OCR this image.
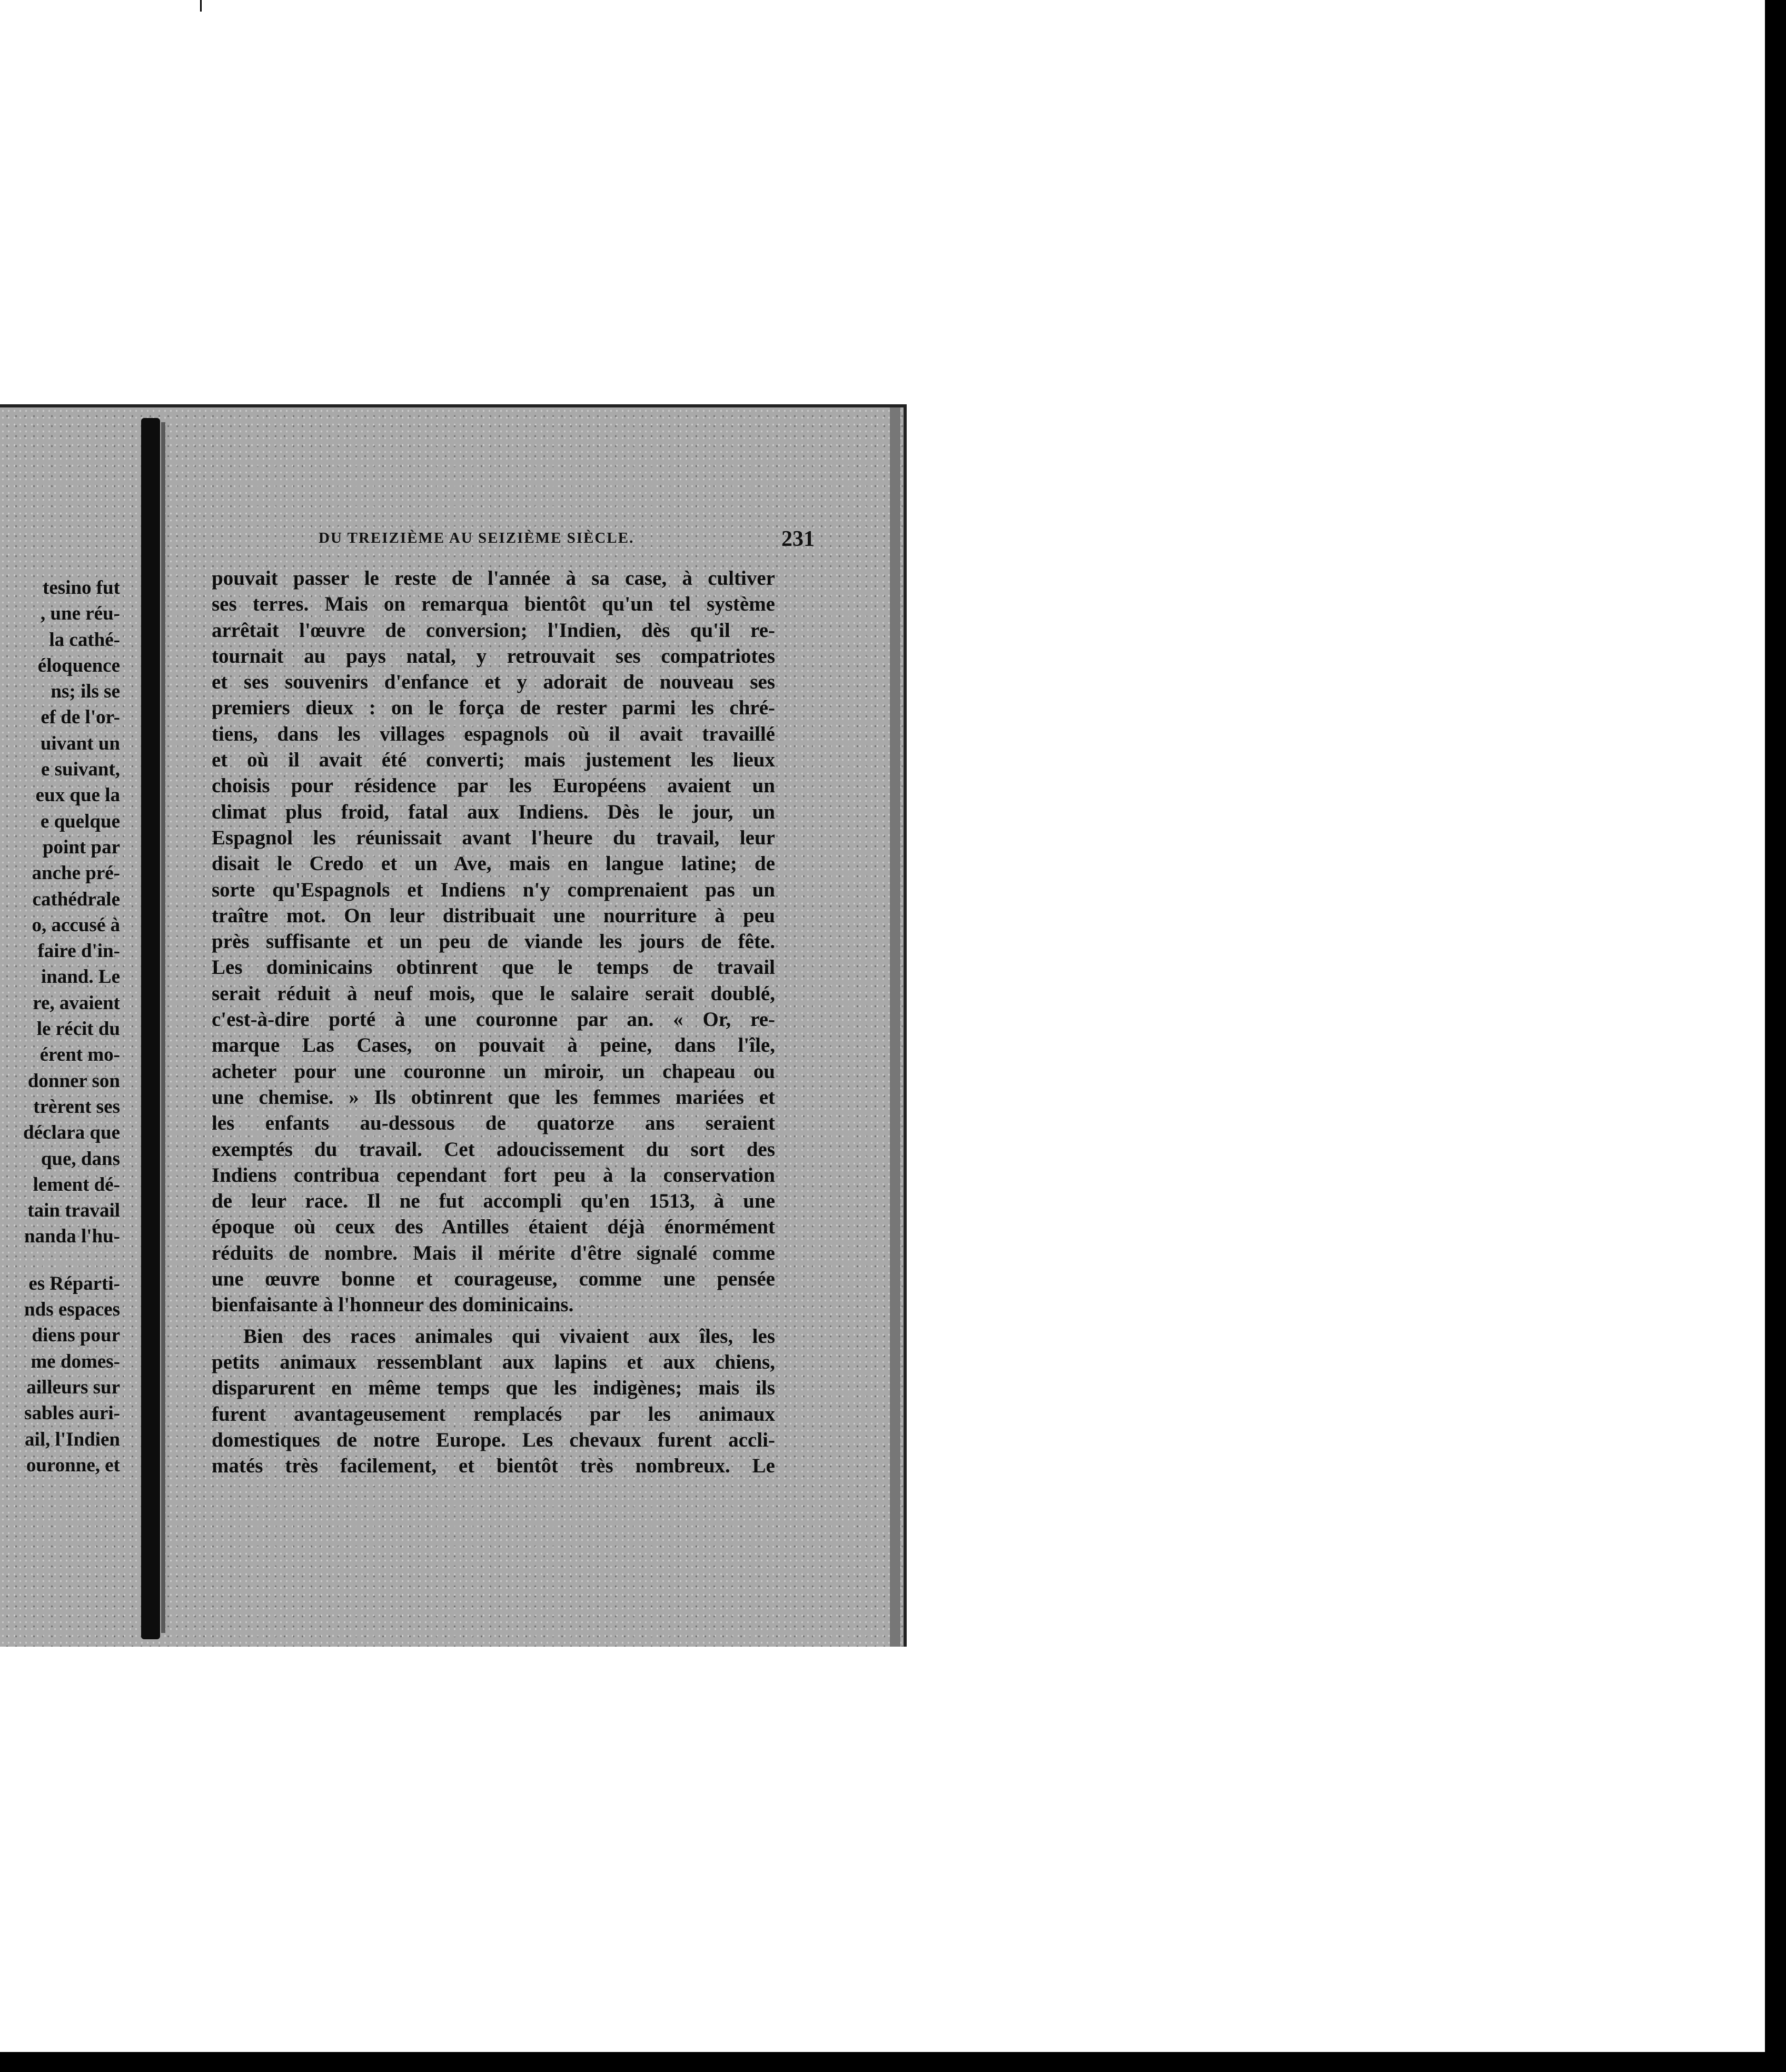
tesino fut
, une réu-
la cathé-
éloquence
ns; ils se
ef de l'or-
uivant un
e suivant,
eux que la
e quelque
point par
anche pré-
cathédrale
o, accusé à
faire d'in-
inand. Le
re, avaient
le récit du
érent mo-
donner son
trèrent ses
déclara que
que, dans
lement dé-
tain travail
nanda l'hu-
es Réparti-
nds espaces
diens pour
me domes-
ailleurs sur
sables auri-
ail, l'Indien
ouronne, et
DU TREIZIÈME AU SEIZIÈME SIÈCLE.	231
pouvait passer le reste de l'année à sa case, à cultiver
ses terres. Mais on remarqua bientôt qu'un tel système
arrêtait l'œuvre de conversion; l'Indien, dès qu'il re-
tournait au pays natal, y retrouvait ses compatriotes
et ses souvenirs d'enfance et y adorait de nouveau ses
premiers dieux : on le força de rester parmi les chré-
tiens, dans les villages espagnols où il avait travaillé
et où il avait été converti; mais justement les lieux
choisis pour résidence par les Européens avaient un
climat plus froid, fatal aux Indiens. Dès le jour, un
Espagnol les réunissait avant l'heure du travail, leur
disait le Credo et un Ave, mais en langue latine; de
sorte qu'Espagnols et Indiens n'y comprenaient pas un
traître mot. On leur distribuait une nourriture à peu
près suffisante et un peu de viande les jours de fête.
Les dominicains obtinrent que le temps de travail
serait réduit à neuf mois, que le salaire serait doublé,
c'est-à-dire porté à une couronne par an. « Or, re-
marque Las Cases, on pouvait à peine, dans l'île,
acheter pour une couronne un miroir, un chapeau ou
une chemise. » Ils obtinrent que les femmes mariées et
les enfants au-dessous de quatorze ans seraient
exemptés du travail. Cet adoucissement du sort des
Indiens contribua cependant fort peu à la conservation
de leur race. Il ne fut accompli qu'en 1513, à une
époque où ceux des Antilles étaient déjà énormément
réduits de nombre. Mais il mérite d'être signalé comme
une œuvre bonne et courageuse, comme une pensée
bienfaisante à l'honneur des dominicains.
Bien des races animales qui vivaient aux îles, les
petits animaux ressemblant aux lapins et aux chiens,
disparurent en même temps que les indigènes; mais ils
furent avantageusement remplacés par les animaux
domestiques de notre Europe. Les chevaux furent accli-
matés très facilement, et bientôt très nombreux. Le
